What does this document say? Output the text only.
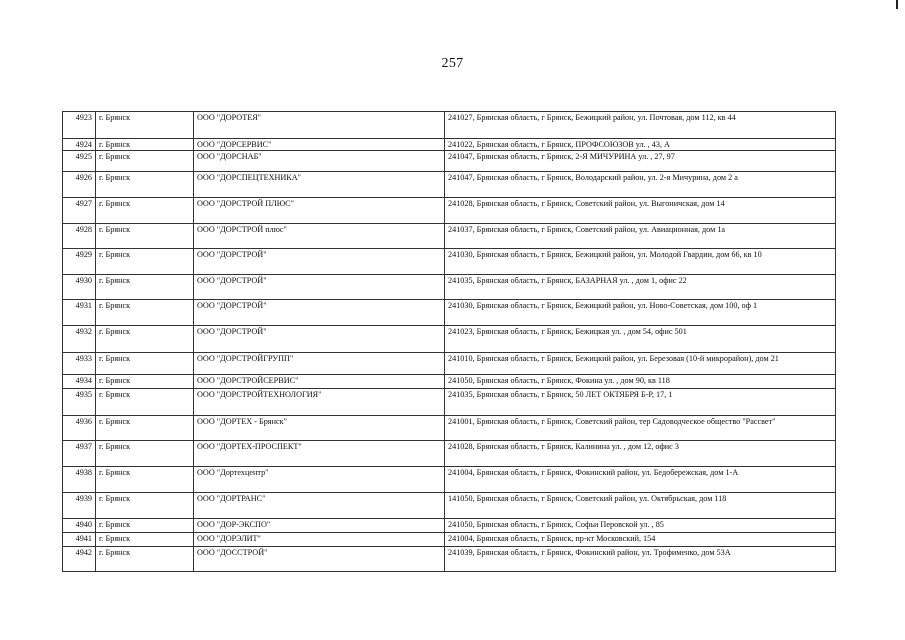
257
4923	г. Брянск	ООО "ДОРОТЕЯ"	241027, Брянская область, г Брянск, Бежицкий район, ул. Почтовая, дом 112, кв 44
4924	г. Брянск	ООО "ДОРСЕРВИС"	241022, Брянская область, г Брянск, ПРОФСОЮЗОВ ул. , 43, А
4925	г. Брянск	ООО "ДОРСНАБ"	241047, Брянская область, г Брянск, 2-Я МИЧУРИНА ул. , 27, 97
4926	г. Брянск	ООО "ДОРСПЕЦТЕХНИКА"	241047, Брянская область, г Брянск, Володарский район, ул. 2-я Мичурина, дом 2 а
4927	г. Брянск	ООО "ДОРСТРОЙ ПЛЮС"	241028, Брянская область, г Брянск, Советский район, ул. Выгоничская, дом 14
4928	г. Брянск	ООО "ДОРСТРОЙ плюс"	241037, Брянская область, г Брянск, Советский район, ул. Авиационная, дом 1а
4929	г. Брянск	ООО "ДОРСТРОЙ"	241030, Брянская область, г Брянск, Бежицкий район, ул. Молодой Гвардии, дом 66, кв 10
4930	г. Брянск	ООО "ДОРСТРОЙ"	241035, Брянская область, г Брянск, БАЗАРНАЯ ул. , дом 1, офис 22
4931	г. Брянск	ООО "ДОРСТРОЙ"	241030, Брянская область, г Брянск, Бежицкий район, ул. Ново-Советская, дом 100, оф 1
4932	г. Брянск	ООО "ДОРСТРОЙ"	241023, Брянская область, г Брянск, Бежицкая ул. , дом 54, офис 501
4933	г. Брянск	ООО "ДОРСТРОЙГРУПП"	241010, Брянская область, г Брянск, Бежицкий район, ул. Березовая (10-й микрорайон), дом 21
4934	г. Брянск	ООО "ДОРСТРОЙСЕРВИС"	241050, Брянская область, г Брянск, Фокина ул. , дом 90, кв 118
4935	г. Брянск	ООО "ДОРСТРОЙТЕХНОЛОГИЯ"	241035, Брянская область, г Брянск, 50 ЛЕТ ОКТЯБРЯ Б-Р, 17, 1
4936	г. Брянск	ООО "ДОРТЕХ - Брянск"	241001, Брянская область, г Брянск, Советский район, тер Садоводческое общество "Рассвет"
4937	г. Брянск	ООО "ДОРТЕХ-ПРОСПЕКТ"	241028, Брянская область, г Брянск, Калинина ул. , дом 12, офис 3
4938	г. Брянск	ООО "Дортехцентр"	241004, Брянская область, г Брянск, Фокинский район, ул. Бедобережская, дом 1-А
4939	г. Брянск	ООО "ДОРТРАНС"	141050, Брянская область, г Брянск, Советский район, ул. Октябрьская, дом 118
4940	г. Брянск	ООО "ДОР-ЭКСПО"	241050, Брянская область, г Брянск, Софьи Перовской ул. , 85
4941	г. Брянск	ООО "ДОРЭЛИТ"	241004, Брянская область, г Брянск, пр-кт Московский, 154
4942	г. Брянск	ООО "ДОССТРОЙ"	241039, Брянская область, г Брянск, Фокинский район, ул. Трофименко, дом 53А
